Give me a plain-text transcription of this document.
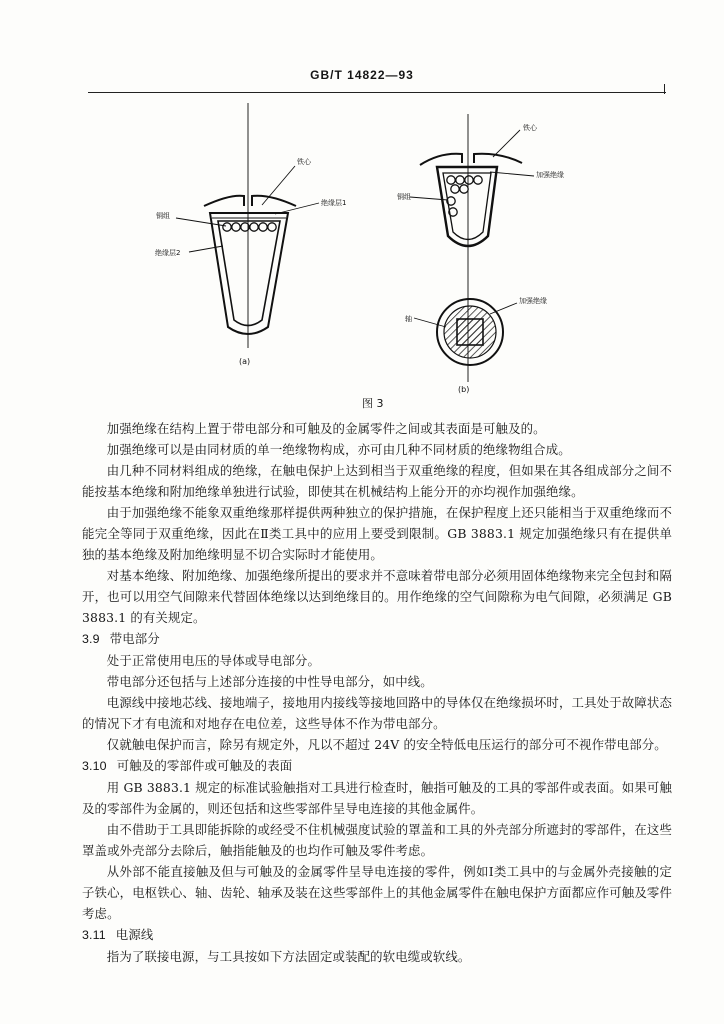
GB/T 14822—93
铁心
绝缘层1
铜组
绝缘层2
(a)
铁心
加强绝缘
铜组
加强绝缘
轴
(b)
图 3

加强绝缘在结构上置于带电部分和可触及的金属零件之间或其表面是可触及的。

加强绝缘可以是由同材质的单一绝缘物构成，亦可由几种不同材质的绝缘物组合成。

由几种不同材料组成的绝缘，在触电保护上达到相当于双重绝缘的程度，但如果在其各组成部分之间不能按基本绝缘和附加绝缘单独进行试验，即使其在机械结构上能分开的亦均视作加强绝缘。

由于加强绝缘不能象双重绝缘那样提供两种独立的保护措施，在保护程度上还只能相当于双重绝缘而不能完全等同于双重绝缘，因此在Ⅱ类工具中的应用上要受到限制。GB 3883.1 规定加强绝缘只有在提供单独的基本绝缘及附加绝缘明显不切合实际时才能使用。

对基本绝缘、附加绝缘、加强绝缘所提出的要求并不意味着带电部分必须用固体绝缘物来完全包封和隔开，也可以用空气间隙来代替固体绝缘以达到绝缘目的。用作绝缘的空气间隙称为电气间隙，必须满足 GB 3883.1 的有关规定。

3.9 带电部分

处于正常使用电压的导体或导电部分。

带电部分还包括与上述部分连接的中性导电部分，如中线。

电源线中接地芯线、接地端子，接地用内接线等接地回路中的导体仅在绝缘损坏时，工具处于故障状态的情况下才有电流和对地存在电位差，这些导体不作为带电部分。

仅就触电保护而言，除另有规定外，凡以不超过 24V 的安全特低电压运行的部分可不视作带电部分。

3.10 可触及的零部件或可触及的表面

用 GB 3883.1 规定的标准试验触指对工具进行检查时，触指可触及的工具的零部件或表面。如果可触及的零部件为金属的，则还包括和这些零部件呈导电连接的其他金属件。

由不借助于工具即能拆除的或经受不住机械强度试验的罩盖和工具的外壳部分所遮封的零部件，在这些罩盖或外壳部分去除后，触指能触及的也均作可触及零件考虑。

从外部不能直接触及但与可触及的金属零件呈导电连接的零件，例如Ⅰ类工具中的与金属外壳接触的定子铁心，电枢铁心、轴、齿轮、轴承及装在这些零部件上的其他金属零件在触电保护方面都应作可触及零件考虑。

3.11 电源线

指为了联接电源，与工具按如下方法固定或装配的软电缆或软线。
